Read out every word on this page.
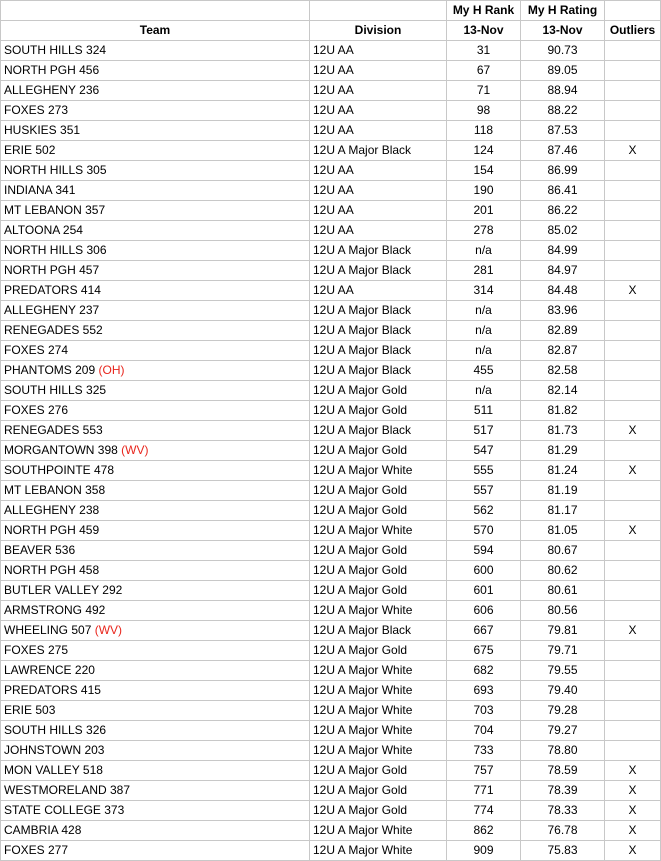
		My H Rank	My H Rating	
Team	Division	13-Nov	13-Nov	Outliers
SOUTH HILLS 324	12U AA	31	90.73	
NORTH PGH 456	12U AA	67	89.05	
ALLEGHENY 236	12U AA	71	88.94	
FOXES 273	12U AA	98	88.22	
HUSKIES 351	12U AA	118	87.53	
ERIE 502	12U A Major Black	124	87.46	X
NORTH HILLS 305	12U AA	154	86.99	
INDIANA 341	12U AA	190	86.41	
MT LEBANON 357	12U AA	201	86.22	
ALTOONA 254	12U AA	278	85.02	
NORTH HILLS 306	12U A Major Black	n/a	84.99	
NORTH PGH 457	12U A Major Black	281	84.97	
PREDATORS 414	12U AA	314	84.48	X
ALLEGHENY 237	12U A Major Black	n/a	83.96	
RENEGADES 552	12U A Major Black	n/a	82.89	
FOXES 274	12U A Major Black	n/a	82.87	
PHANTOMS 209 (OH)	12U A Major Black	455	82.58	
SOUTH HILLS 325	12U A Major Gold	n/a	82.14	
FOXES 276	12U A Major Gold	511	81.82	
RENEGADES 553	12U A Major Black	517	81.73	X
MORGANTOWN 398 (WV)	12U A Major Gold	547	81.29	
SOUTHPOINTE 478	12U A Major White	555	81.24	X
MT LEBANON 358	12U A Major Gold	557	81.19	
ALLEGHENY 238	12U A Major Gold	562	81.17	
NORTH PGH 459	12U A Major White	570	81.05	X
BEAVER 536	12U A Major Gold	594	80.67	
NORTH PGH 458	12U A Major Gold	600	80.62	
BUTLER VALLEY 292	12U A Major Gold	601	80.61	
ARMSTRONG 492	12U A Major White	606	80.56	
WHEELING 507 (WV)	12U A Major Black	667	79.81	X
FOXES 275	12U A Major Gold	675	79.71	
LAWRENCE 220	12U A Major White	682	79.55	
PREDATORS 415	12U A Major White	693	79.40	
ERIE 503	12U A Major White	703	79.28	
SOUTH HILLS 326	12U A Major White	704	79.27	
JOHNSTOWN 203	12U A Major White	733	78.80	
MON VALLEY 518	12U A Major Gold	757	78.59	X
WESTMORELAND 387	12U A Major Gold	771	78.39	X
STATE COLLEGE 373	12U A Major Gold	774	78.33	X
CAMBRIA 428	12U A Major White	862	76.78	X
FOXES 277	12U A Major White	909	75.83	X
